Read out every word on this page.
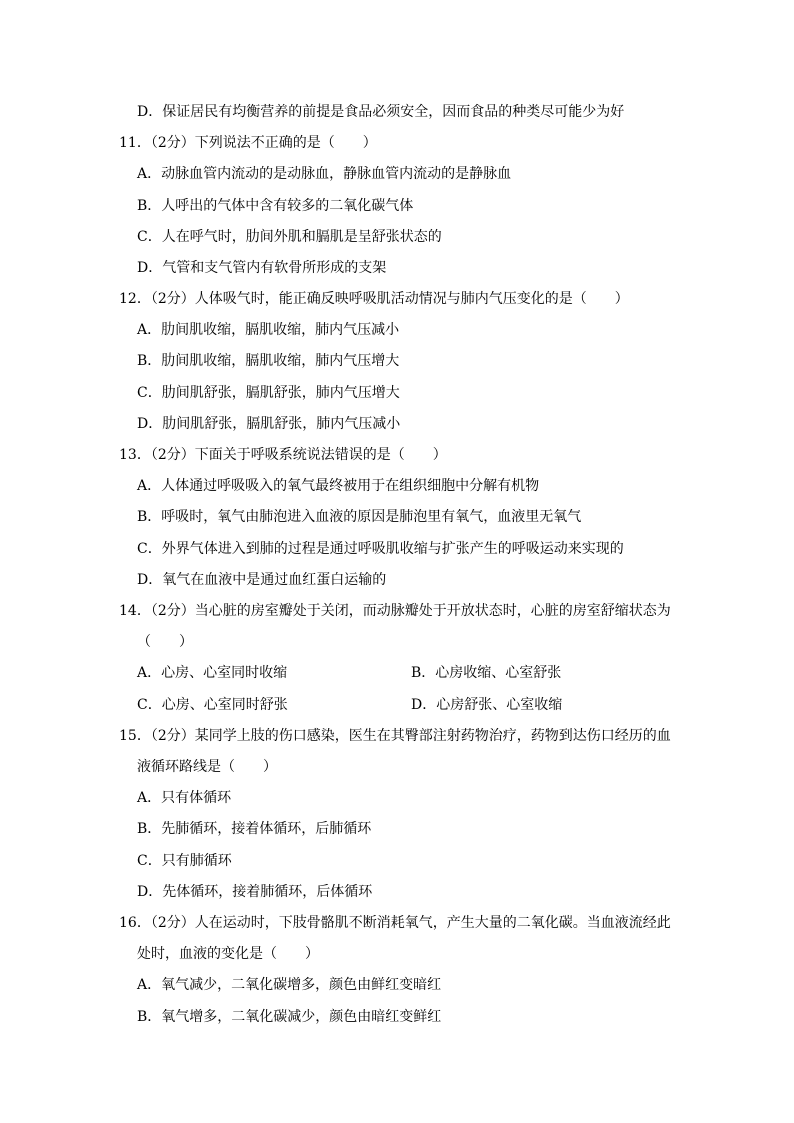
D．保证居民有均衡营养的前提是食品必须安全，因而食品的种类尽可能少为好
11．（2分）下列说法不正确的是（　　）
A．动脉血管内流动的是动脉血，静脉血管内流动的是静脉血
B．人呼出的气体中含有较多的二氧化碳气体
C．人在呼气时，肋间外肌和膈肌是呈舒张状态的
D．气管和支气管内有软骨所形成的支架
12．（2分）人体吸气时，能正确反映呼吸肌活动情况与肺内气压变化的是（　　）
A．肋间肌收缩，膈肌收缩，肺内气压减小
B．肋间肌收缩，膈肌收缩，肺内气压增大
C．肋间肌舒张，膈肌舒张，肺内气压增大
D．肋间肌舒张，膈肌舒张，肺内气压减小
13．（2分）下面关于呼吸系统说法错误的是（　　）
A．人体通过呼吸吸入的氧气最终被用于在组织细胞中分解有机物
B．呼吸时，氧气由肺泡进入血液的原因是肺泡里有氧气，血液里无氧气
C．外界气体进入到肺的过程是通过呼吸肌收缩与扩张产生的呼吸运动来实现的
D．氧气在血液中是通过血红蛋白运输的
14．（2分）当心脏的房室瓣处于关闭，而动脉瓣处于开放状态时，心脏的房室舒缩状态为
（　　）
A．心房、心室同时收缩	B．心房收缩、心室舒张
C．心房、心室同时舒张	D．心房舒张、心室收缩
15．（2分）某同学上肢的伤口感染，医生在其臀部注射药物治疗，药物到达伤口经历的血
液循环路线是（　　）
A．只有体循环
B．先肺循环，接着体循环，后肺循环
C．只有肺循环
D．先体循环，接着肺循环，后体循环
16．（2分）人在运动时，下肢骨骼肌不断消耗氧气，产生大量的二氧化碳。当血液流经此
处时，血液的变化是（　　）
A．氧气减少，二氧化碳增多，颜色由鲜红变暗红
B．氧气增多，二氧化碳减少，颜色由暗红变鲜红
